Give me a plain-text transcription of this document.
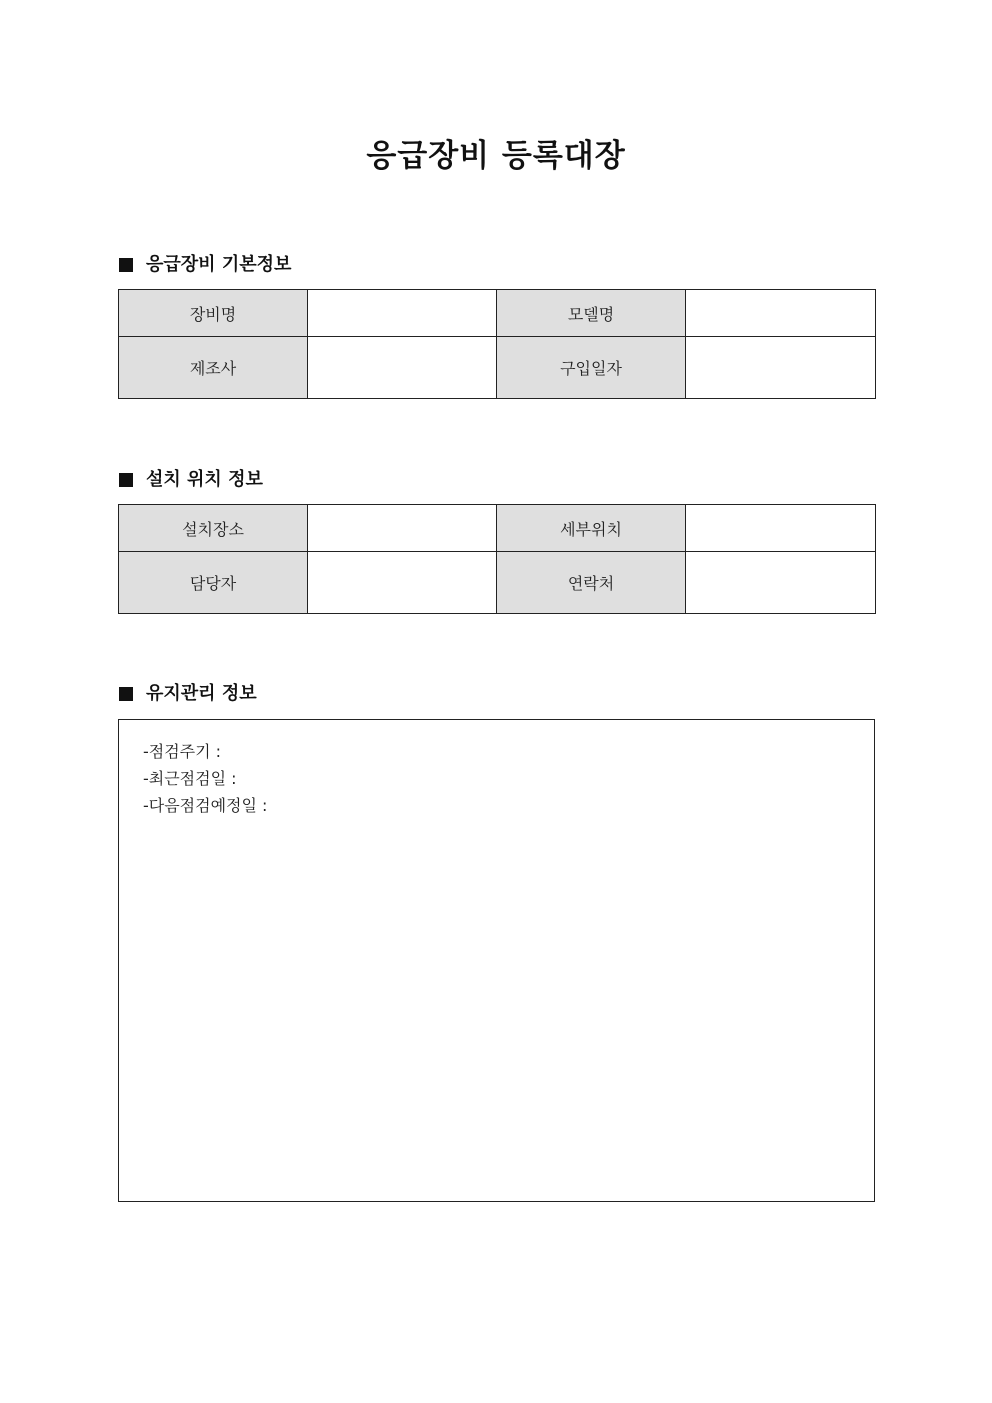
응급장비 등록대장
응급장비 기본정보
장비명		모델명	
제조사		구입일자	
설치 위치 정보
설치장소		세부위치	
담당자		연락처	
유지관리 정보
-점검주기 :
-최근점검일 :
-다음점검예정일 :
